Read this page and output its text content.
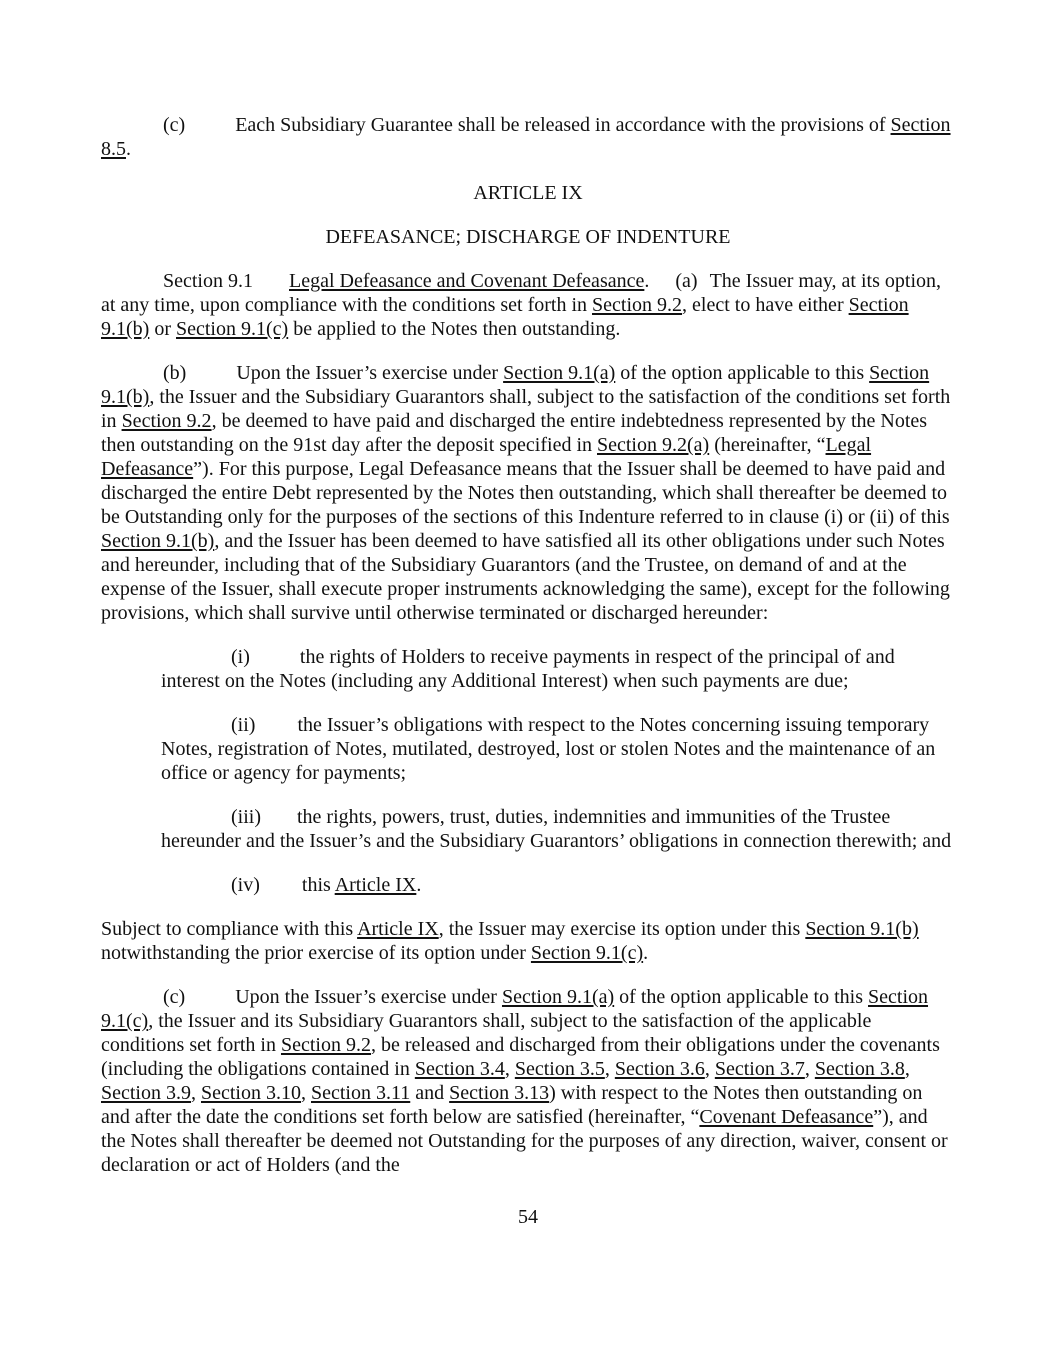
(c)	Each Subsidiary Guarantee shall be released in accordance with the provisions of Section 8.5.
ARTICLE IX
DEFEASANCE; DISCHARGE OF INDENTURE
Section 9.1 Legal Defeasance and Covenant Defeasance. (a) The Issuer may, at its option, at any time, upon compliance with the conditions set forth in Section 9.2, elect to have either Section 9.1(b) or Section 9.1(c) be applied to the Notes then outstanding.
(b)	Upon the Issuer’s exercise under Section 9.1(a) of the option applicable to this Section 9.1(b), the Issuer and the Subsidiary Guarantors shall, subject to the satisfaction of the conditions set forth in Section 9.2, be deemed to have paid and discharged the entire indebtedness represented by the Notes then outstanding on the 91st day after the deposit specified in Section 9.2(a) (hereinafter, “Legal Defeasance”). For this purpose, Legal Defeasance means that the Issuer shall be deemed to have paid and discharged the entire Debt represented by the Notes then outstanding, which shall thereafter be deemed to be Outstanding only for the purposes of the sections of this Indenture referred to in clause (i) or (ii) of this Section 9.1(b), and the Issuer has been deemed to have satisfied all its other obligations under such Notes and hereunder, including that of the Subsidiary Guarantors (and the Trustee, on demand of and at the expense of the Issuer, shall execute proper instruments acknowledging the same), except for the following provisions, which shall survive until otherwise terminated or discharged hereunder:
(i)	the rights of Holders to receive payments in respect of the principal of and interest on the Notes (including any Additional Interest) when such payments are due;
(ii) the Issuer’s obligations with respect to the Notes concerning issuing temporary Notes, registration of Notes, mutilated, destroyed, lost or stolen Notes and the maintenance of an office or agency for payments;
(iii) the rights, powers, trust, duties, indemnities and immunities of the Trustee hereunder and the Issuer’s and the Subsidiary Guarantors’ obligations in connection therewith; and
(iv) this Article IX.
Subject to compliance with this Article IX, the Issuer may exercise its option under this Section 9.1(b) notwithstanding the prior exercise of its option under Section 9.1(c).
(c)	Upon the Issuer’s exercise under Section 9.1(a) of the option applicable to this Section 9.1(c), the Issuer and its Subsidiary Guarantors shall, subject to the satisfaction of the applicable conditions set forth in Section 9.2, be released and discharged from their obligations under the covenants (including the obligations contained in Section 3.4, Section 3.5, Section 3.6, Section 3.7, Section 3.8, Section 3.9, Section 3.10, Section 3.11 and Section 3.13) with respect to the Notes then outstanding on and after the date the conditions set forth below are satisfied (hereinafter, “Covenant Defeasance”), and the Notes shall thereafter be deemed not Outstanding for the purposes of any direction, waiver, consent or declaration or act of Holders (and the
54
